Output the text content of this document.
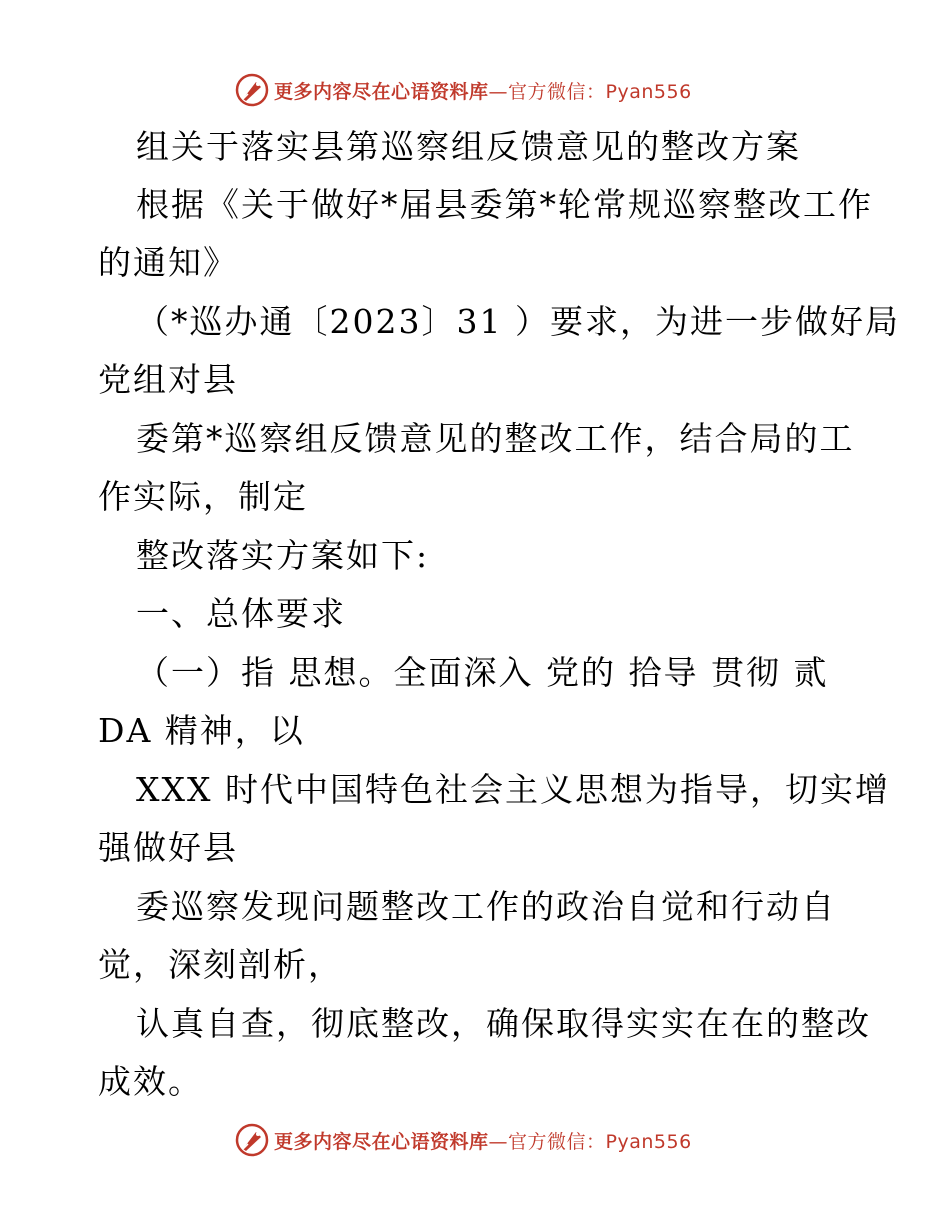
更多内容尽在心语资料库—官方微信：Pyan556
组关于落实县第巡察组反馈意见的整改方案
根据《关于做好*届县委第*轮常规巡察整改工作
的通知》
（*巡办通〔2023〕31 ）要求，为进一步做好局
党组对县
委第*巡察组反馈意见的整改工作，结合局的工
作实际，制定
整改落实方案如下:
一、总体要求
（一）指 思想。全面深入 党的 拾导 贯彻 贰
DA 精神，以
XXX 时代中国特色社会主义思想为指导，切实增
强做好县
委巡察发现问题整改工作的政治自觉和行动自
觉，深刻剖析，
认真自查，彻底整改，确保取得实实在在的整改
成效。
更多内容尽在心语资料库—官方微信：Pyan556
